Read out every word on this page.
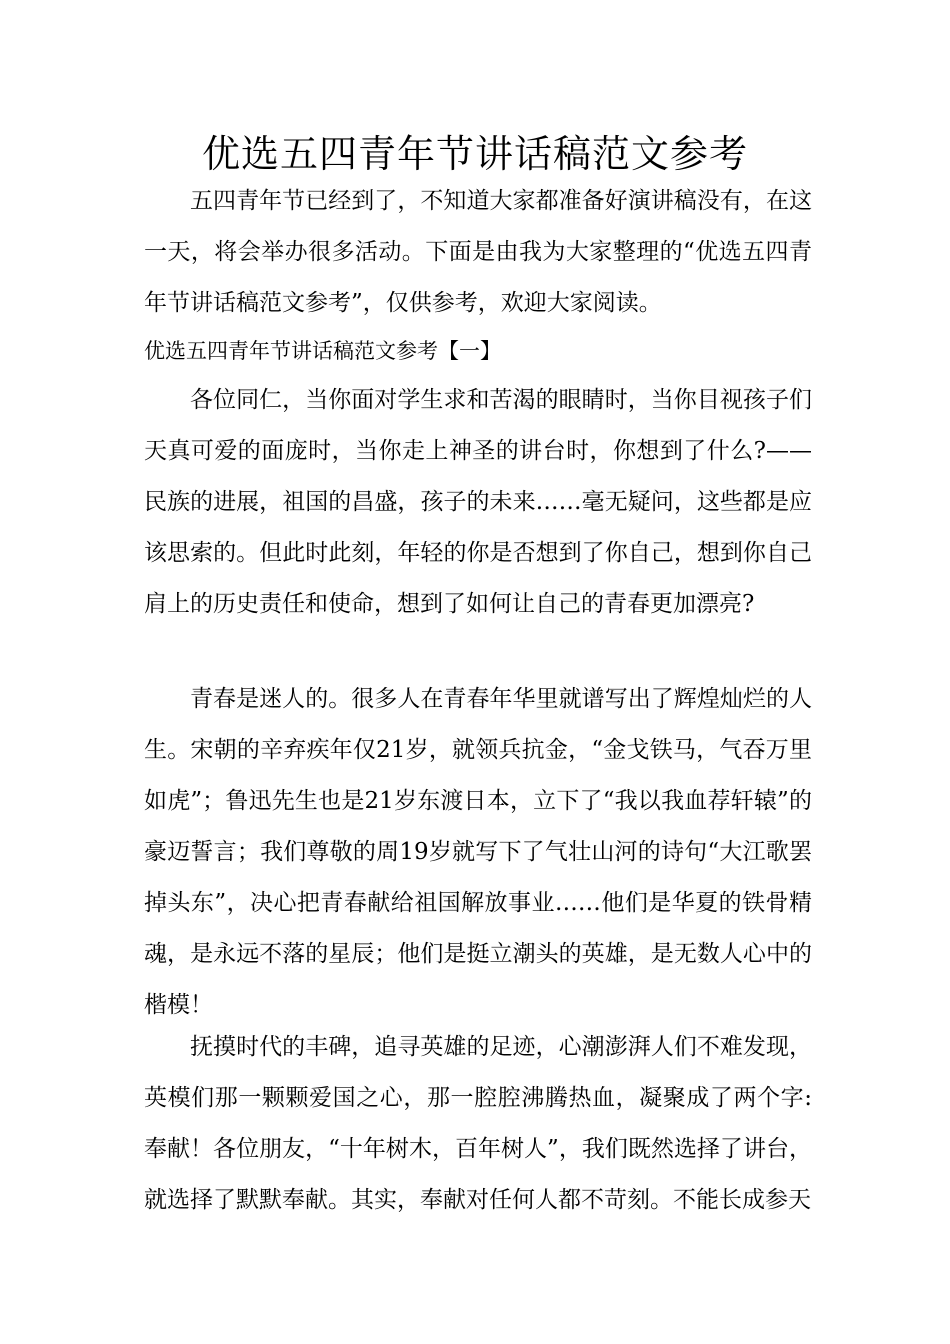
优选五四青年节讲话稿范文参考

五四青年节已经到了，不知道大家都准备好演讲稿没有，在这一天，将会举办很多活动。下面是由我为大家整理的“优选五四青年节讲话稿范文参考”，仅供参考，欢迎大家阅读。

优选五四青年节讲话稿范文参考【一】

各位同仁，当你面对学生求和苦渴的眼睛时，当你目视孩子们天真可爱的面庞时，当你走上神圣的讲台时，你想到了什么?——民族的进展，祖国的昌盛，孩子的未来……毫无疑问，这些都是应该思索的。但此时此刻，年轻的你是否想到了你自己，想到你自己肩上的历史责任和使命，想到了如何让自己的青春更加漂亮?

青春是迷人的。很多人在青春年华里就谱写出了辉煌灿烂的人生。宋朝的辛弃疾年仅21岁，就领兵抗金，“金戈铁马，气吞万里如虎”；鲁迅先生也是21岁东渡日本，立下了“我以我血荐轩辕”的豪迈誓言；我们尊敬的周19岁就写下了气壮山河的诗句“大江歌罢掉头东”，决心把青春献给祖国解放事业……他们是华夏的铁骨精魂，是永远不落的星辰；他们是挺立潮头的英雄，是无数人心中的楷模！

抚摸时代的丰碑，追寻英雄的足迹，心潮澎湃人们不难发现，英模们那一颗颗爱国之心，那一腔腔沸腾热血，凝聚成了两个字:奉献！各位朋友，“十年树木，百年树人”，我们既然选择了讲台，就选择了默默奉献。其实，奉献对任何人都不苛刻。不能长成参天
